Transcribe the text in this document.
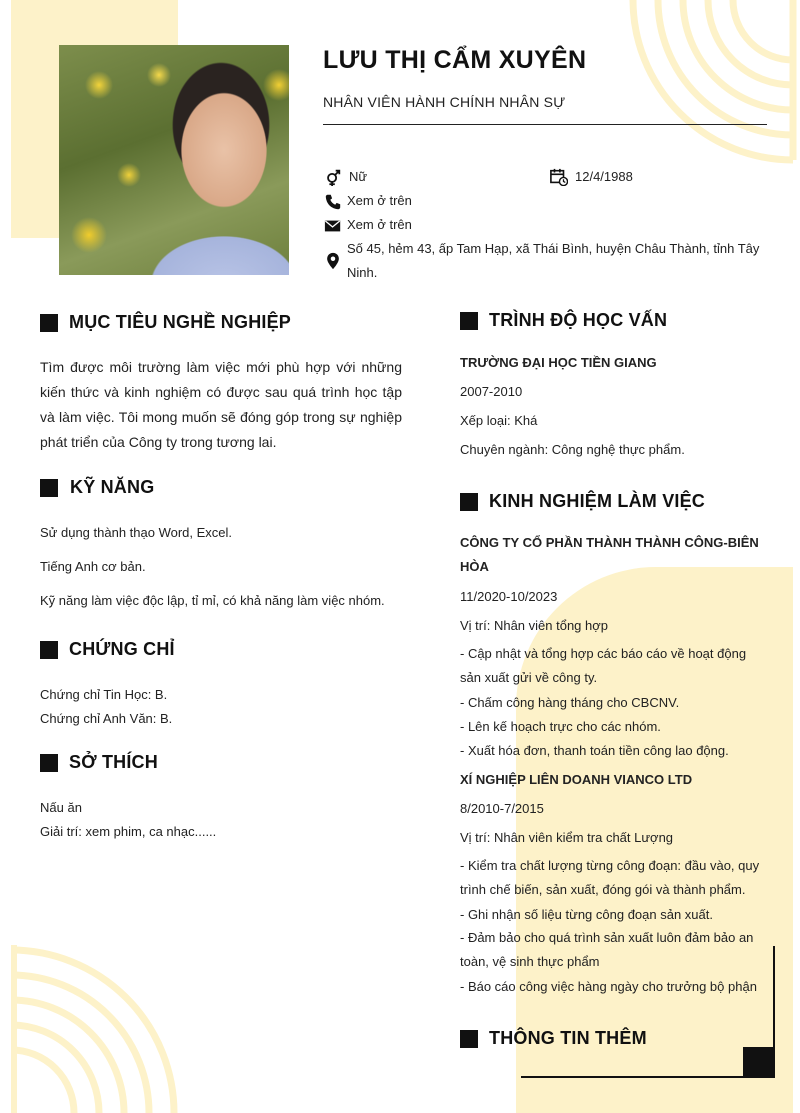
LƯU THỊ CẨM XUYÊN
NHÂN VIÊN HÀNH CHÍNH NHÂN SỰ
Nữ	12/4/1988
Xem ở trên
Xem ở trên
Số 45, hẻm 43, ấp Tam Hạp, xã Thái Bình, huyện Châu Thành, tỉnh Tây
Ninh.
MỤC TIÊU NGHỀ NGHIỆP
Tìm được môi trường làm việc mới phù hợp với những kiến thức và kinh nghiệm có được sau quá trình học tập và làm việc. Tôi mong muốn sẽ đóng góp trong sự nghiệp phát triển của Công ty trong tương lai.
KỸ NĂNG
Sử dụng thành thạo Word, Excel.
Tiếng Anh cơ bản.
Kỹ năng làm việc độc lập, tỉ mỉ, có khả năng làm việc nhóm.
CHỨNG CHỈ
Chứng chỉ Tin Học: B.
Chứng chỉ Anh Văn: B.
SỞ THÍCH
Nấu ăn
Giải trí: xem phim, ca nhạc......
TRÌNH ĐỘ HỌC VẤN
TRƯỜNG ĐẠI HỌC TIỀN GIANG
2007-2010
Xếp loại: Khá
Chuyên ngành: Công nghệ thực phẩm.
KINH NGHIỆM LÀM VIỆC
CÔNG TY CỔ PHẦN THÀNH THÀNH CÔNG-BIÊN HÒA
11/2020-10/2023
Vị trí: Nhân viên tổng hợp
- Cập nhật và tổng hợp các báo cáo về hoạt động sản xuất gửi về công ty.
- Chấm công hàng tháng cho CBCNV.
- Lên kế hoạch trực cho các nhóm.
- Xuất hóa đơn, thanh toán tiền công lao động.
XÍ NGHIỆP LIÊN DOANH VIANCO LTD
8/2010-7/2015
Vị trí: Nhân viên kiểm tra chất Lượng
- Kiểm tra chất lượng từng công đoạn: đầu vào, quy trình chế biến, sản xuất, đóng gói và thành phẩm.
- Ghi nhận số liệu từng công đoạn sản xuất.
- Đảm bảo cho quá trình sản xuất luôn đảm bảo an toàn, vệ sinh thực phẩm
- Báo cáo công việc hàng ngày cho trưởng bộ phận
THÔNG TIN THÊM
